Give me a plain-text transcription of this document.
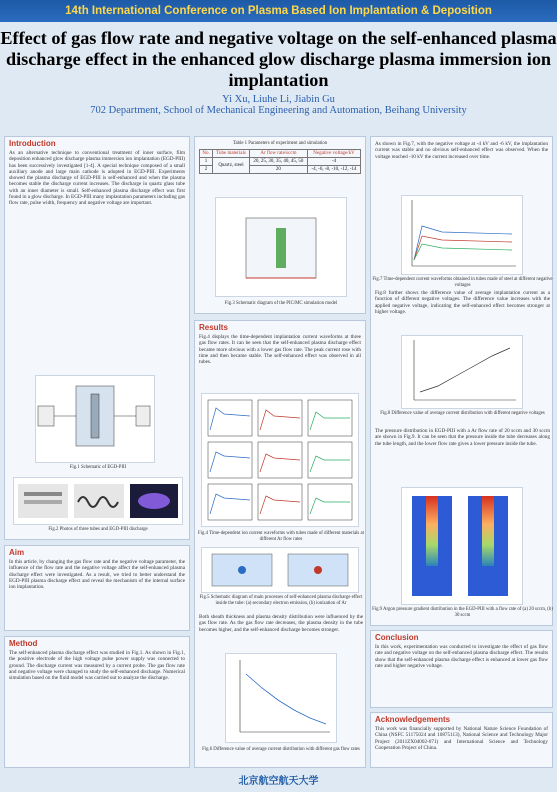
14th International Conference on Plasma Based Ion Implantation & Deposition
Effect of gas flow rate and negative voltage on the self-enhanced plasma discharge effect in the enhanced glow discharge plasma immersion ion implantation
Yi Xu, Liuhe Li, Jiabin Gu
702 Department, School of Mechanical Engineering and Automation, Beihang University
Introduction
As an alternative technique to conventional treatment of inner surface, film deposition enhanced glow discharge plasma immersion ion implantation (EGD-PIII) has been successively investigated [1-4]. A special technique composed of a small auxiliary anode and large main cathode is adopted in EGD-PIII. Experiments showed the plasma discharge of EGD-PIII is self-enhanced and when the plasma becomes stable the discharge current increases. The discharge in quartz glass tube with an inner diameter is small. Self-enhanced plasma discharge effect was first found in a glow discharge. In EGD-PIII many implantation parameters including gas flow rate, pulse width, frequency and negative voltage are important.
Fig.1 Schematic of EGD-PIII
Fig.2 Photos of three tubes and EGD-PIII discharge
Aim
In this article, by changing the gas flow rate and the negative voltage parameter, the influence of the flow rate and the negative voltage affect the self-enhanced plasma discharge effect were investigated. As a result, we tried to better understand the EGD-PIII plasma discharge effect and reveal the mechanism of the internal surface ion implantation.
Method
The self-enhanced plasma discharge effect was studied in Fig.1. As shown in Fig.1, the positive electrode of the high voltage pulse power supply was connected to ground. The discharge current was measured by a current probe. The gas flow rate and negative voltage were changed to study the self-enhanced discharge. Numerical simulation based on the fluid model was carried out to analyze the discharge.
Table 1 Parameters of experiment and simulation
No.	Tube materials	Ar flow rate/sccm	Negative voltage/kV
1	Quartz, steel	20, 25, 30, 35, 40, 45, 50	-4
2		20	-4, -6, -8, -10, -12, -14
Fig.3 Schematic diagram of the PIC/MC simulation model
Results
Fig.4 displays the time-dependent implantation current waveforms at three gas flow rates. It can be seen that the self-enhanced plasma discharge effect became more obvious with a lower gas flow rate. The peak current rose with time and then became stable. The self-enhanced effect was observed in all tubes.
Fig.4 Time-dependent ion current waveforms with tubes made of different materials at different Ar flow rates
Fig.5 Schematic diagram of main processes of self-enhanced plasma discharge effect inside the tube: (a) secondary electron emission, (b) ionization of Ar
Both sheath thickness and plasma density distribution were influenced by the gas flow rate. As the gas flow rate decreases, the plasma density in the tube becomes higher, and the self-enhanced discharge becomes stronger.
Fig.6 Difference value of average current distribution with different gas flow rates
As shown in Fig.7, with the negative voltage at -4 kV and -6 kV, the implantation current was stable and no obvious self-enhanced effect was observed. When the voltage reached -10 kV the current increased over time.
Fig.7 Time-dependent current waveforms obtained in tubes made of steel at different negative voltages
Fig.8 further shows the difference value of average implantation current as a function of different negative voltages. The difference value increases with the applied negative voltage, indicating the self-enhanced effect becomes stronger at higher voltage.
Fig.8 Difference value of average current distribution with different negative voltages
The pressure distribution in EGD-PIII with a Ar flow rate of 20 sccm and 30 sccm are shown in Fig.9. It can be seen that the pressure inside the tube decreases along the tube length, and the lower flow rate gives a lower pressure inside the tube.
Fig.9 Argon pressure gradient distribution in the EGD-PIII with a flow rate of (a) 20 sccm, (b) 30 sccm
Conclusion
In this work, experimentation was conducted to investigate the effect of gas flow rate and negative voltage on the self-enhanced plasma discharge effect. The results show that the self-enhanced plasma discharge effect is enhanced at lower gas flow rate and higher negative voltage.
Acknowledgements
This work was financially supported by National Nature Science Foundation of China (NSFC 51175024 and 10875113), National Science and Technology Major Project (2011ZX04002-071) and International Science and Technology Cooperation Project of China.
北京航空航天大学
